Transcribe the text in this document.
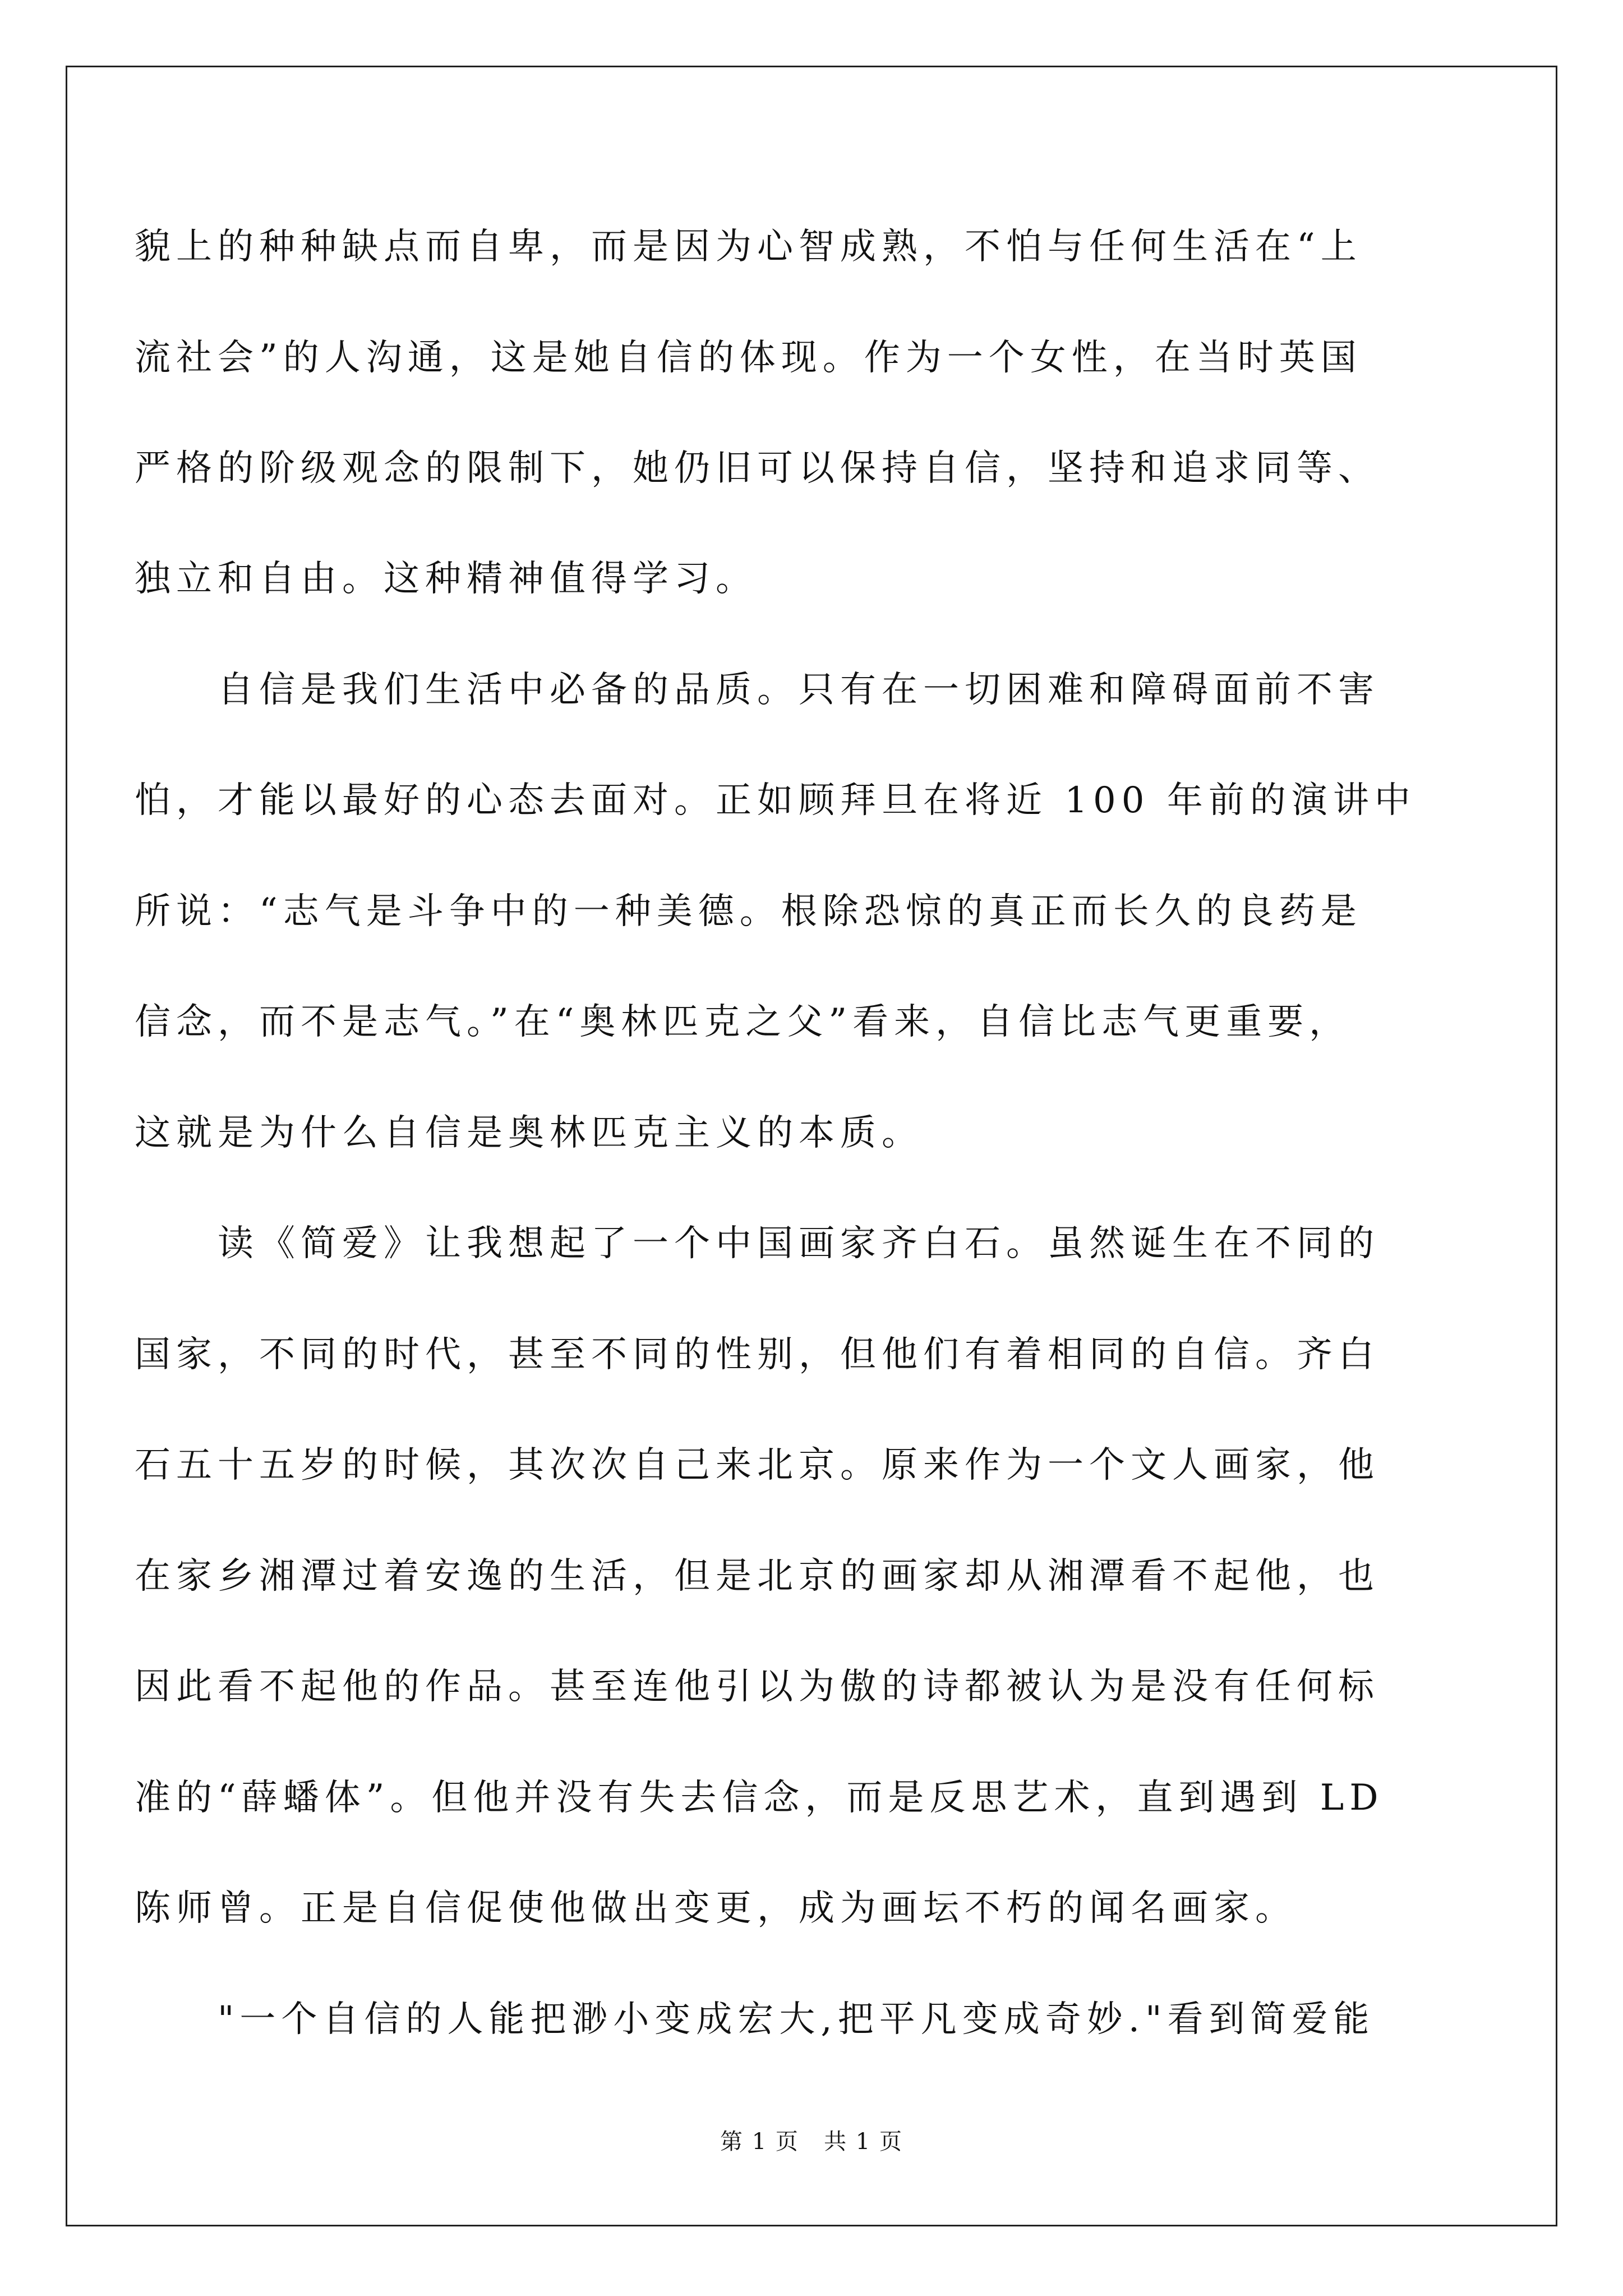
貌上的种种缺点而自卑，而是因为心智成熟，不怕与任何生活在“上
流社会”的人沟通，这是她自信的体现。作为一个女性，在当时英国
严格的阶级观念的限制下，她仍旧可以保持自信，坚持和追求同等、
独立和自由。这种精神值得学习。
　　自信是我们生活中必备的品质。只有在一切困难和障碍面前不害
怕，才能以最好的心态去面对。正如顾拜旦在将近 100 年前的演讲中
所说：“志气是斗争中的一种美德。根除恐惊的真正而长久的良药是
信念，而不是志气。”在“奥林匹克之父”看来，自信比志气更重要，
这就是为什么自信是奥林匹克主义的本质。
　　读《简爱》让我想起了一个中国画家齐白石。虽然诞生在不同的
国家，不同的时代，甚至不同的性别，但他们有着相同的自信。齐白
石五十五岁的时候，其次次自己来北京。原来作为一个文人画家，他
在家乡湘潭过着安逸的生活，但是北京的画家却从湘潭看不起他，也
因此看不起他的作品。甚至连他引以为傲的诗都被认为是没有任何标
准的“薛蟠体”。但他并没有失去信念，而是反思艺术，直到遇到 LD
陈师曾。正是自信促使他做出变更，成为画坛不朽的闻名画家。
　　"一个自信的人能把渺小变成宏大,把平凡变成奇妙."看到简爱能
第 1 页   共 1 页
